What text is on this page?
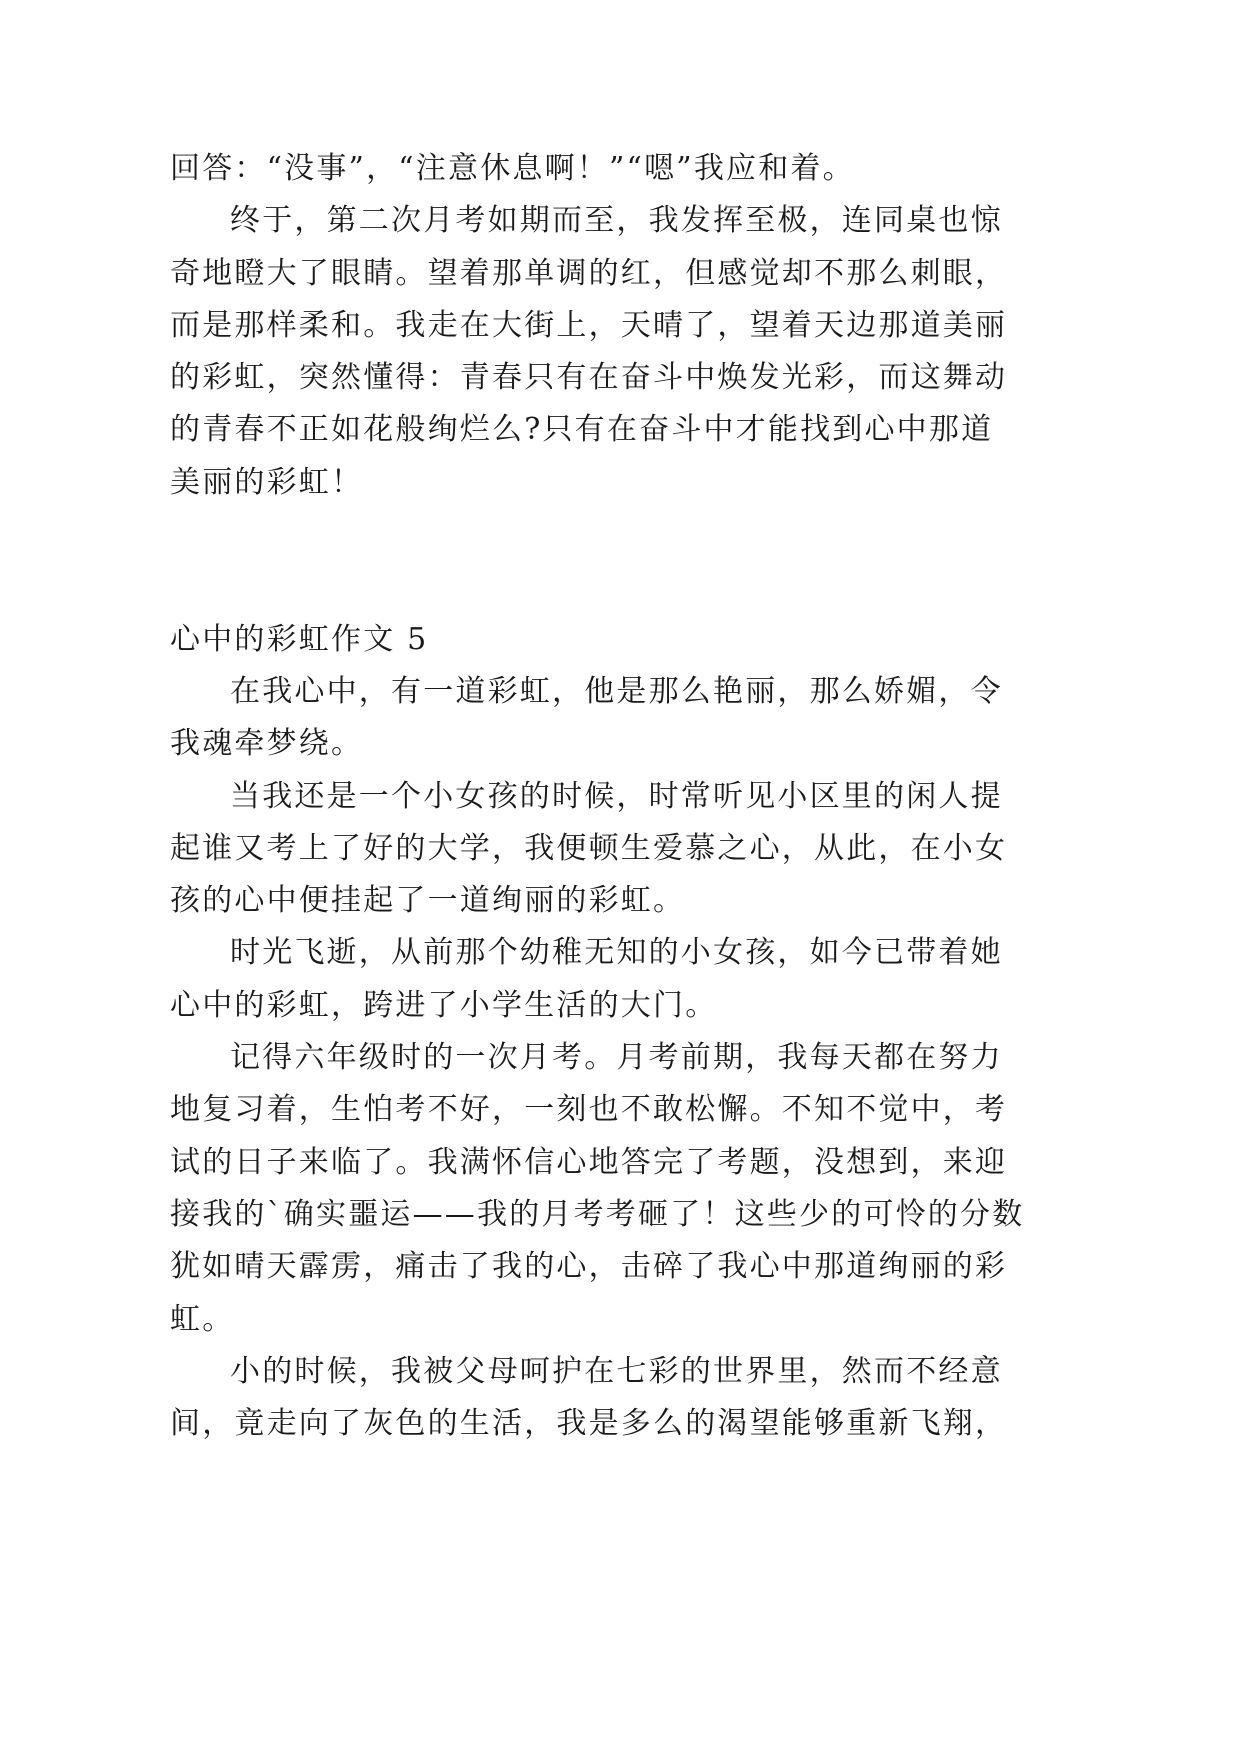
回答：“没事”，“注意休息啊！”“嗯”我应和着。
终于，第二次月考如期而至，我发挥至极，连同桌也惊
奇地瞪大了眼睛。望着那单调的红，但感觉却不那么刺眼，
而是那样柔和。我走在大街上，天晴了，望着天边那道美丽
的彩虹，突然懂得：青春只有在奋斗中焕发光彩，而这舞动
的青春不正如花般绚烂么?只有在奋斗中才能找到心中那道
美丽的彩虹！
心中的彩虹作文 5
在我心中，有一道彩虹，他是那么艳丽，那么娇媚，令
我魂牵梦绕。
当我还是一个小女孩的时候，时常听见小区里的闲人提
起谁又考上了好的大学，我便顿生爱慕之心，从此，在小女
孩的心中便挂起了一道绚丽的彩虹。
时光飞逝，从前那个幼稚无知的小女孩，如今已带着她
心中的彩虹，跨进了小学生活的大门。
记得六年级时的一次月考。月考前期，我每天都在努力
地复习着，生怕考不好，一刻也不敢松懈。不知不觉中，考
试的日子来临了。我满怀信心地答完了考题，没想到，来迎
接我的`确实噩运——我的月考考砸了！这些少的可怜的分数
犹如晴天霹雳，痛击了我的心，击碎了我心中那道绚丽的彩
虹。
小的时候，我被父母呵护在七彩的世界里，然而不经意
间，竟走向了灰色的生活，我是多么的渴望能够重新飞翔，
